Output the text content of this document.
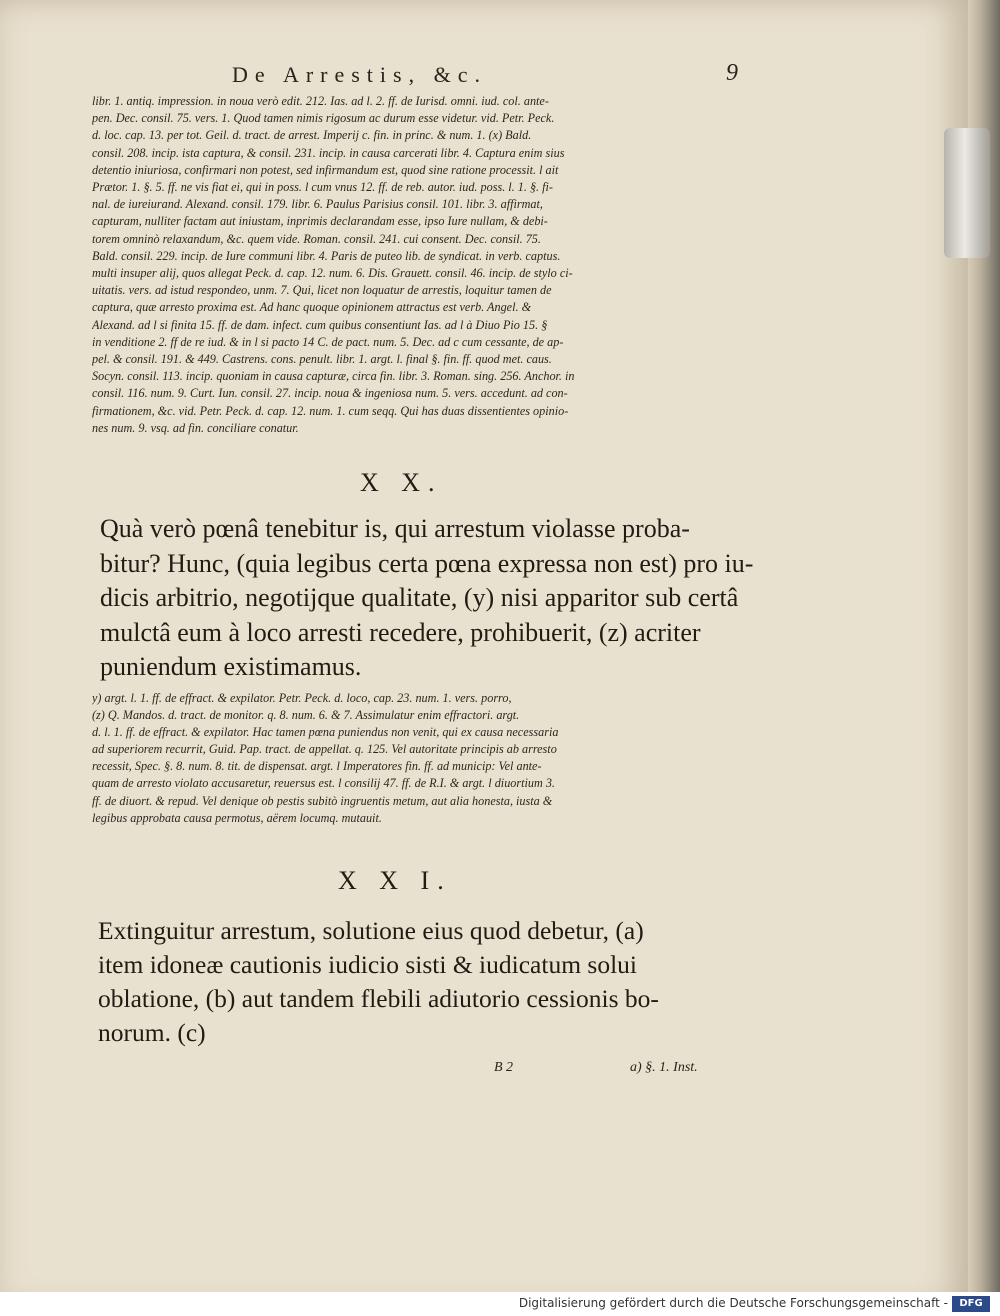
De Arrestis, &c.	9

libr. 1. antiq. impression. in noua verò edit. 212. Ias. ad l. 2. ff. de Iurisd. omni. iud. col. ante-

pen. Dec. consil. 75. vers. 1. Quod tamen nimis rigosum ac durum esse videtur. vid. Petr. Peck.

d. loc. cap. 13. per tot. Geil. d. tract. de arrest. Imperij c. fin. in princ. & num. 1. (x) Bald.

consil. 208. incip. ista captura, & consil. 231. incip. in causa carcerati libr. 4. Captura enim sius

detentio iniuriosa, confirmari non potest, sed infirmandum est, quod sine ratione processit. l ait

Prætor. 1. §. 5. ff. ne vis fiat ei, qui in poss. l cum vnus 12. ff. de reb. autor. iud. poss. l. 1. §. fi-

nal. de iureiurand. Alexand. consil. 179. libr. 6. Paulus Parisius consil. 101. libr. 3. affirmat,

capturam, nulliter factam aut iniustam, inprimis declarandam esse, ipso Iure nullam, & debi-

torem omninò relaxandum, &c. quem vide. Roman. consil. 241. cui consent. Dec. consil. 75.

Bald. consil. 229. incip. de Iure communi libr. 4. Paris de puteo lib. de syndicat. in verb. captus.

multi insuper alij, quos allegat Peck. d. cap. 12. num. 6. Dis. Grauett. consil. 46. incip. de stylo ci-

uitatis. vers. ad istud respondeo, unm. 7. Qui, licet non loquatur de arrestis, loquitur tamen de

captura, quæ arresto proxima est. Ad hanc quoque opinionem attractus est verb. Angel. &

Alexand. ad l si finita 15. ff. de dam. infect. cum quibus consentiunt Ias. ad l à Diuo Pio 15. §

in venditione 2. ff de re iud. & in l si pacto 14 C. de pact. num. 5. Dec. ad c cum cessante, de ap-

pel. & consil. 191. & 449. Castrens. cons. penult. libr. 1. argt. l. final §. fin. ff. quod met. caus.

Socyn. consil. 113. incip. quoniam in causa capturæ, circa fin. libr. 3. Roman. sing. 256. Anchor. in

consil. 116. num. 9. Curt. Iun. consil. 27. incip. noua & ingeniosa num. 5. vers. accedunt. ad con-

firmationem, &c. vid. Petr. Peck. d. cap. 12. num. 1. cum seqq. Qui has duas dissentientes opinio-

nes num. 9. vsq. ad fin. conciliare conatur.

X X.

Quà verò pœnâ tenebitur is, qui arrestum violasse proba-

bitur? Hunc, (quia legibus certa pœna expressa non est) pro iu-

dicis arbitrio, negotijque qualitate, (y) nisi apparitor sub certâ

mulctâ eum à loco arresti recedere, prohibuerit, (z) acriter

puniendum existimamus.

y) argt. l. 1. ff. de effract. & expilator. Petr. Peck. d. loco, cap. 23. num. 1. vers. porro,

(z) Q. Mandos. d. tract. de monitor. q. 8. num. 6. & 7. Assimulatur enim effractori. argt.

d. l. 1. ff. de effract. & expilator. Hac tamen pœna puniendus non venit, qui ex causa necessaria

ad superiorem recurrit, Guid. Pap. tract. de appellat. q. 125. Vel autoritate principis ab arresto

recessit, Spec. §. 8. num. 8. tit. de dispensat. argt. l Imperatores fin. ff. ad municip: Vel ante-

quam de arresto violato accusaretur, reuersus est. l consilij 47. ff. de R.I. & argt. l diuortium 3.

ff. de diuort. & repud. Vel denique ob pestis subitò ingruentis metum, aut alia honesta, iusta &

legibus approbata causa permotus, aërem locumq. mutauit.

X X I.

Extinguitur arrestum, solutione eius quod debetur, (a)

item idoneæ cautionis iudicio sisti & iudicatum solui

oblatione, (b) aut tandem flebili adiutorio cessionis bo-

norum. (c)

B 2	a) §. 1. Inst.
Digitalisierung gefördert durch die Deutsche Forschungsgemeinschaft -	DFG
